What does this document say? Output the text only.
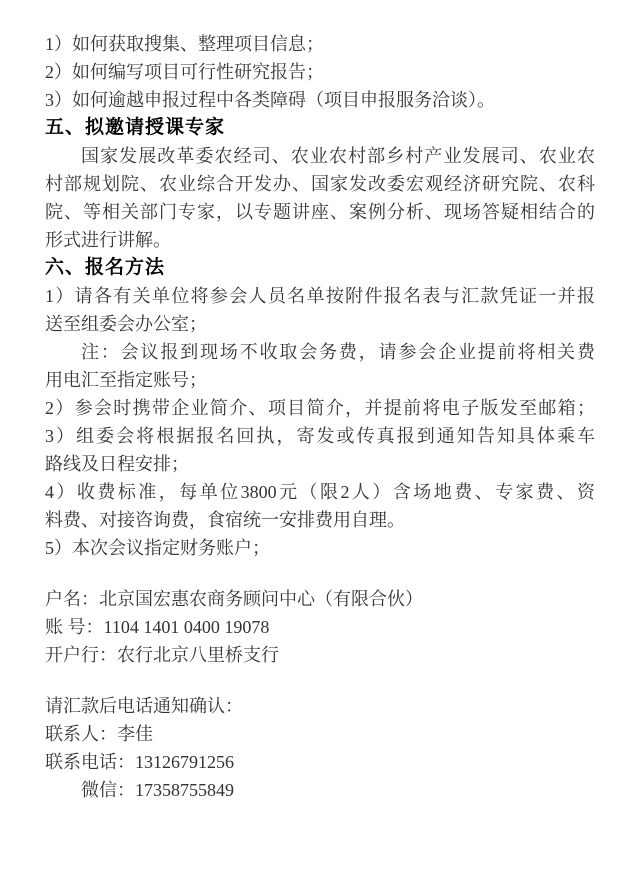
1）如何获取搜集、整理项目信息；
2）如何编写项目可行性研究报告；
3）如何逾越申报过程中各类障碍（项目申报服务洽谈）。
五、拟邀请授课专家
国家发展改革委农经司、农业农村部乡村产业发展司、农业农
村部规划院、农业综合开发办、国家发改委宏观经济研究院、农科
院、等相关部门专家，以专题讲座、案例分析、现场答疑相结合的
形式进行讲解。
六、报名方法
1）请各有关单位将参会人员名单按附件报名表与汇款凭证一并报
送至组委会办公室；
注：会议报到现场不收取会务费，请参会企业提前将相关费
用电汇至指定账号；
2）参会时携带企业简介、项目简介，并提前将电子版发至邮箱；
3）组委会将根据报名回执，寄发或传真报到通知告知具体乘车
路线及日程安排；
4）收费标准，每单位3800元（限2人）含场地费、专家费、资
料费、对接咨询费，食宿统一安排费用自理。
5）本次会议指定财务账户；
户名：北京国宏惠农商务顾问中心（有限合伙）
账 号：1104 1401 0400 19078
开户行：农行北京八里桥支行
请汇款后电话通知确认：
联系人：李佳
联系电话：13126791256
微信：17358755849
